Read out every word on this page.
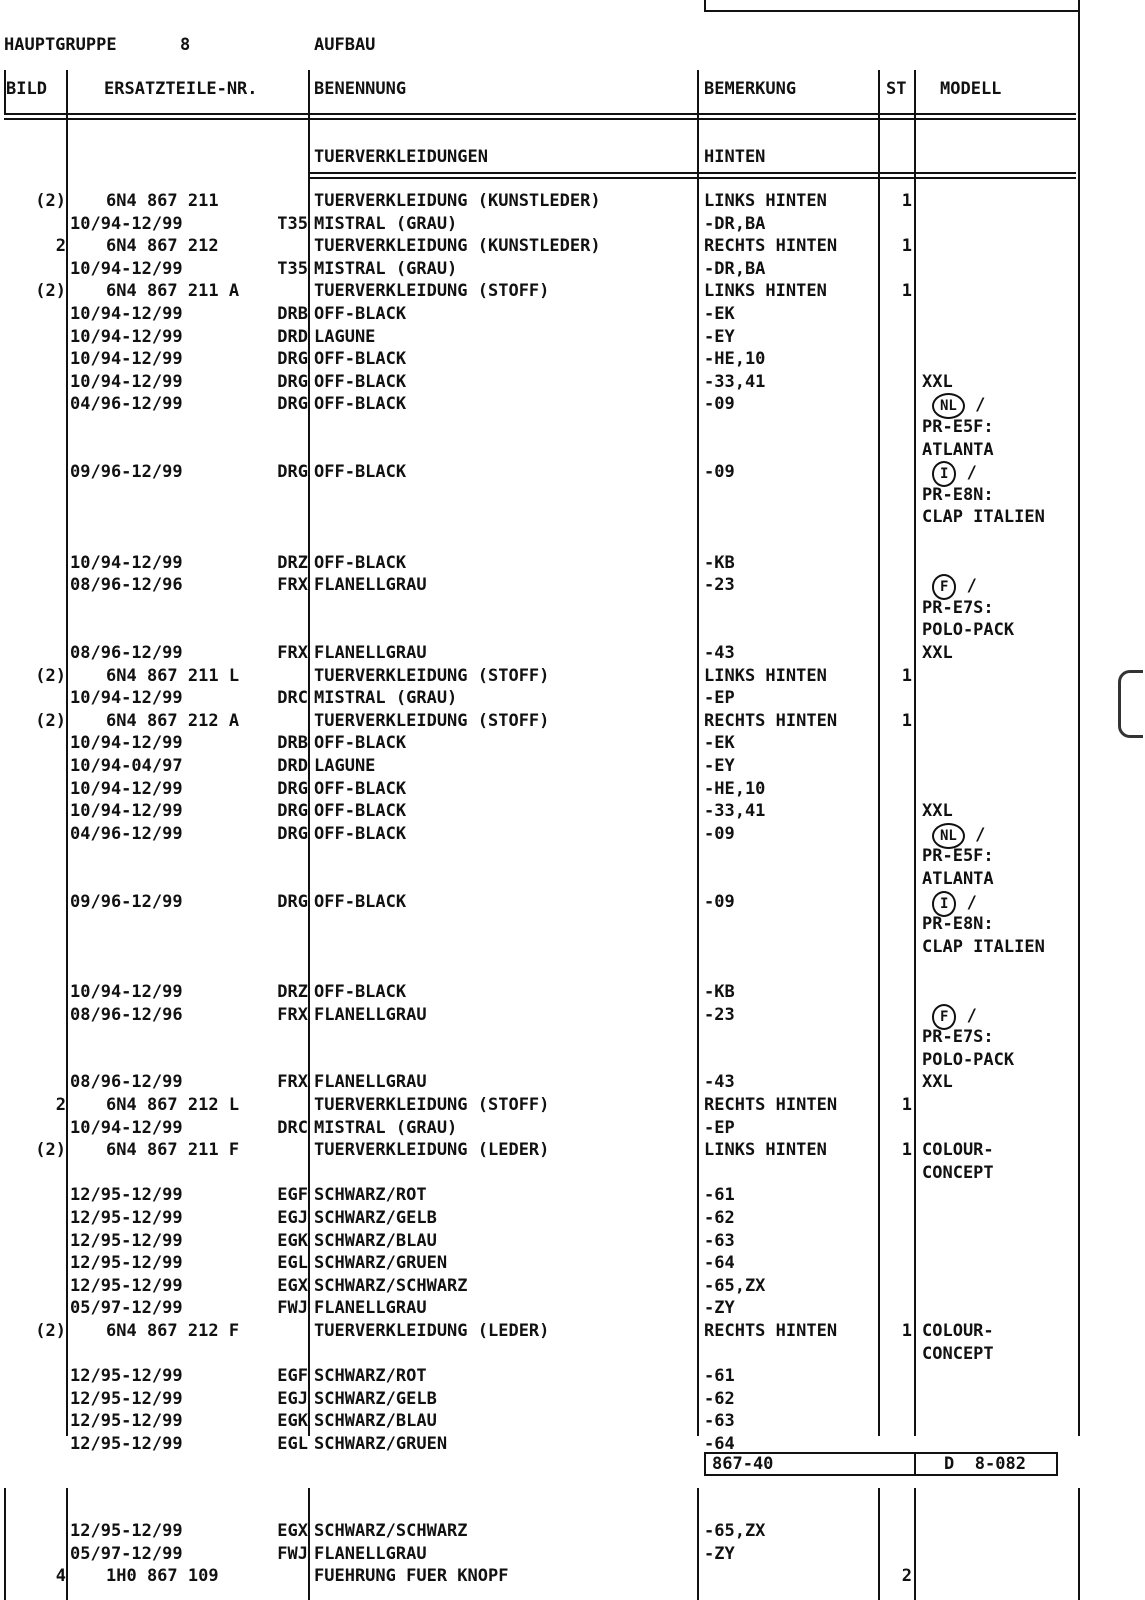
HAUPTGRUPPE	8	AUFBAU
BILD	ERSATZTEILE-NR.	BENENNUNG	BEMERKUNG	ST MODELL
TUERVERKLEIDUNGEN	HINTEN
(2)	6N4 867 211	TUERVERKLEIDUNG (KUNSTLEDER)	LINKS HINTEN	1
10/94-12/99	T35 MISTRAL (GRAU)	-DR,BA
2	6N4 867 212	TUERVERKLEIDUNG (KUNSTLEDER)	RECHTS HINTEN	1
10/94-12/99	T35 MISTRAL (GRAU)	-DR,BA
(2)	6N4 867 211 A	TUERVERKLEIDUNG (STOFF)	LINKS HINTEN	1
10/94-12/99	DRB OFF-BLACK	-EK
10/94-12/99	DRD LAGUNE	-EY
10/94-12/99	DRG OFF-BLACK	-HE,10
10/94-12/99	DRG OFF-BLACK	-33,41	XXL
04/96-12/99	DRG OFF-BLACK	-09	NL /
PR-E5F:
ATLANTA
09/96-12/99	DRG OFF-BLACK	-09	I /
PR-E8N:
CLAP ITALIEN
10/94-12/99	DRZ OFF-BLACK	-KB
08/96-12/96	FRX FLANELLGRAU	-23	F /
PR-E7S:
POLO-PACK
08/96-12/99	FRX FLANELLGRAU	-43	XXL
(2)	6N4 867 211 L	TUERVERKLEIDUNG (STOFF)	LINKS HINTEN	1
10/94-12/99	DRC MISTRAL (GRAU)	-EP
(2)	6N4 867 212 A	TUERVERKLEIDUNG (STOFF)	RECHTS HINTEN	1
10/94-12/99	DRB OFF-BLACK	-EK
10/94-04/97	DRD LAGUNE	-EY
10/94-12/99	DRG OFF-BLACK	-HE,10
10/94-12/99	DRG OFF-BLACK	-33,41	XXL
04/96-12/99	DRG OFF-BLACK	-09	NL /
PR-E5F:
ATLANTA
09/96-12/99	DRG OFF-BLACK	-09	I /
PR-E8N:
CLAP ITALIEN
10/94-12/99	DRZ OFF-BLACK	-KB
08/96-12/96	FRX FLANELLGRAU	-23	F /
PR-E7S:
POLO-PACK
08/96-12/99	FRX FLANELLGRAU	-43	XXL
2	6N4 867 212 L	TUERVERKLEIDUNG (STOFF)	RECHTS HINTEN	1
10/94-12/99	DRC MISTRAL (GRAU)	-EP
(2)	6N4 867 211 F	TUERVERKLEIDUNG (LEDER)	LINKS HINTEN	1 COLOUR-
CONCEPT
12/95-12/99	EGF SCHWARZ/ROT	-61
12/95-12/99	EGJ SCHWARZ/GELB	-62
12/95-12/99	EGK SCHWARZ/BLAU	-63
12/95-12/99	EGL SCHWARZ/GRUEN	-64
12/95-12/99	EGX SCHWARZ/SCHWARZ	-65,ZX
05/97-12/99	FWJ FLANELLGRAU	-ZY
(2)	6N4 867 212 F	TUERVERKLEIDUNG (LEDER)	RECHTS HINTEN	1 COLOUR-
CONCEPT
12/95-12/99	EGF SCHWARZ/ROT	-61
12/95-12/99	EGJ SCHWARZ/GELB	-62
12/95-12/99	EGK SCHWARZ/BLAU	-63
12/95-12/99	EGL SCHWARZ/GRUEN	-64
867-40	D  8-082
12/95-12/99	EGX SCHWARZ/SCHWARZ	-65,ZX
05/97-12/99	FWJ FLANELLGRAU	-ZY
4	1H0 867 109	FUEHRUNG FUER KNOPF	2
